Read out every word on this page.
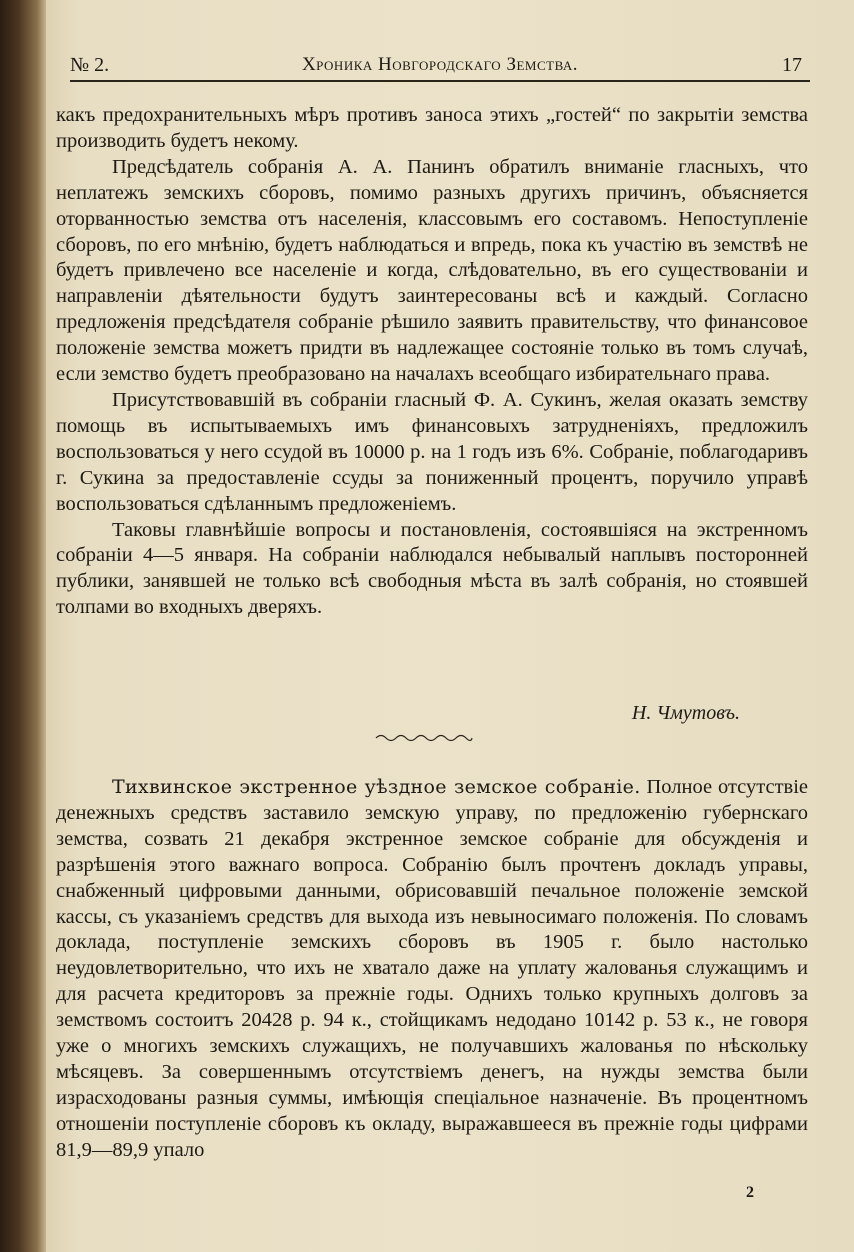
№ 2.	Хроника Новгородскаго Земства.	17

какъ предохранительныхъ мѣръ противъ заноса этихъ „гостей“ по закрытіи земства производить будетъ некому.

Предсѣдатель собранія А. А. Панинъ обратилъ вниманіе гласныхъ, что неплатежъ земскихъ сборовъ, помимо разныхъ другихъ причинъ, объясняется оторванностью земства отъ населенія, классовымъ его составомъ. Непоступленіе сборовъ, по его мнѣнію, будетъ наблюдаться и впредь, пока къ участію въ земствѣ не будетъ привлечено все населеніе и когда, слѣдовательно, въ его существованіи и направленіи дѣятельности будутъ заинтересованы всѣ и каждый. Согласно предложенія предсѣдателя собраніе рѣшило заявить правительству, что финансовое положеніе земства можетъ придти въ надлежащее состояніе только въ томъ случаѣ, если земство будетъ преобразовано на началахъ всеобщаго избирательнаго права.

Присутствовавшій въ собраніи гласный Ф. А. Сукинъ, желая оказать земству помощь въ испытываемыхъ имъ финансовыхъ затрудненіяхъ, предложилъ воспользоваться у него ссудой въ 10000 р. на 1 годъ изъ 6%. Собраніе, поблагодаривъ г. Сукина за предоставленіе ссуды за пониженный процентъ, поручило управѣ воспользоваться сдѣланнымъ предложеніемъ.

Таковы главнѣйшіе вопросы и постановленія, состоявшіяся на экстренномъ собраніи 4—5 января. На собраніи наблюдался небывалый наплывъ посторонней публики, занявшей не только всѣ свободныя мѣста въ залѣ собранія, но стоявшей толпами во входныхъ дверяхъ.

Н. Чмутовъ.

Тихвинское экстренное уѣздное земское собраніе. Полное отсутствіе денежныхъ средствъ заставило земскую управу, по предложенію губернскаго земства, созвать 21 декабря экстренное земское собраніе для обсужденія и разрѣшенія этого важнаго вопроса. Собранію былъ прочтенъ докладъ управы, снабженный цифровыми данными, обрисовавшій печальное положеніе земской кассы, съ указаніемъ средствъ для выхода изъ невыносимаго положенія. По словамъ доклада, поступленіе земскихъ сборовъ въ 1905 г. было настолько неудовлетворительно, что ихъ не хватало даже на уплату жалованья служащимъ и для расчета кредиторовъ за прежніе годы. Однихъ только крупныхъ долговъ за земствомъ состоитъ 20428 р. 94 к., стойщикамъ недодано 10142 р. 53 к., не говоря уже о многихъ земскихъ служащихъ, не получавшихъ жалованья по нѣскольку мѣсяцевъ. За совершеннымъ отсутствіемъ денегъ, на нужды земства были израсходованы разныя суммы, имѣющія спеціальное назначеніе. Въ процентномъ отношеніи поступленіе сборовъ къ окладу, выражавшееся въ прежніе годы цифрами 81,9—89,9 упало

2
